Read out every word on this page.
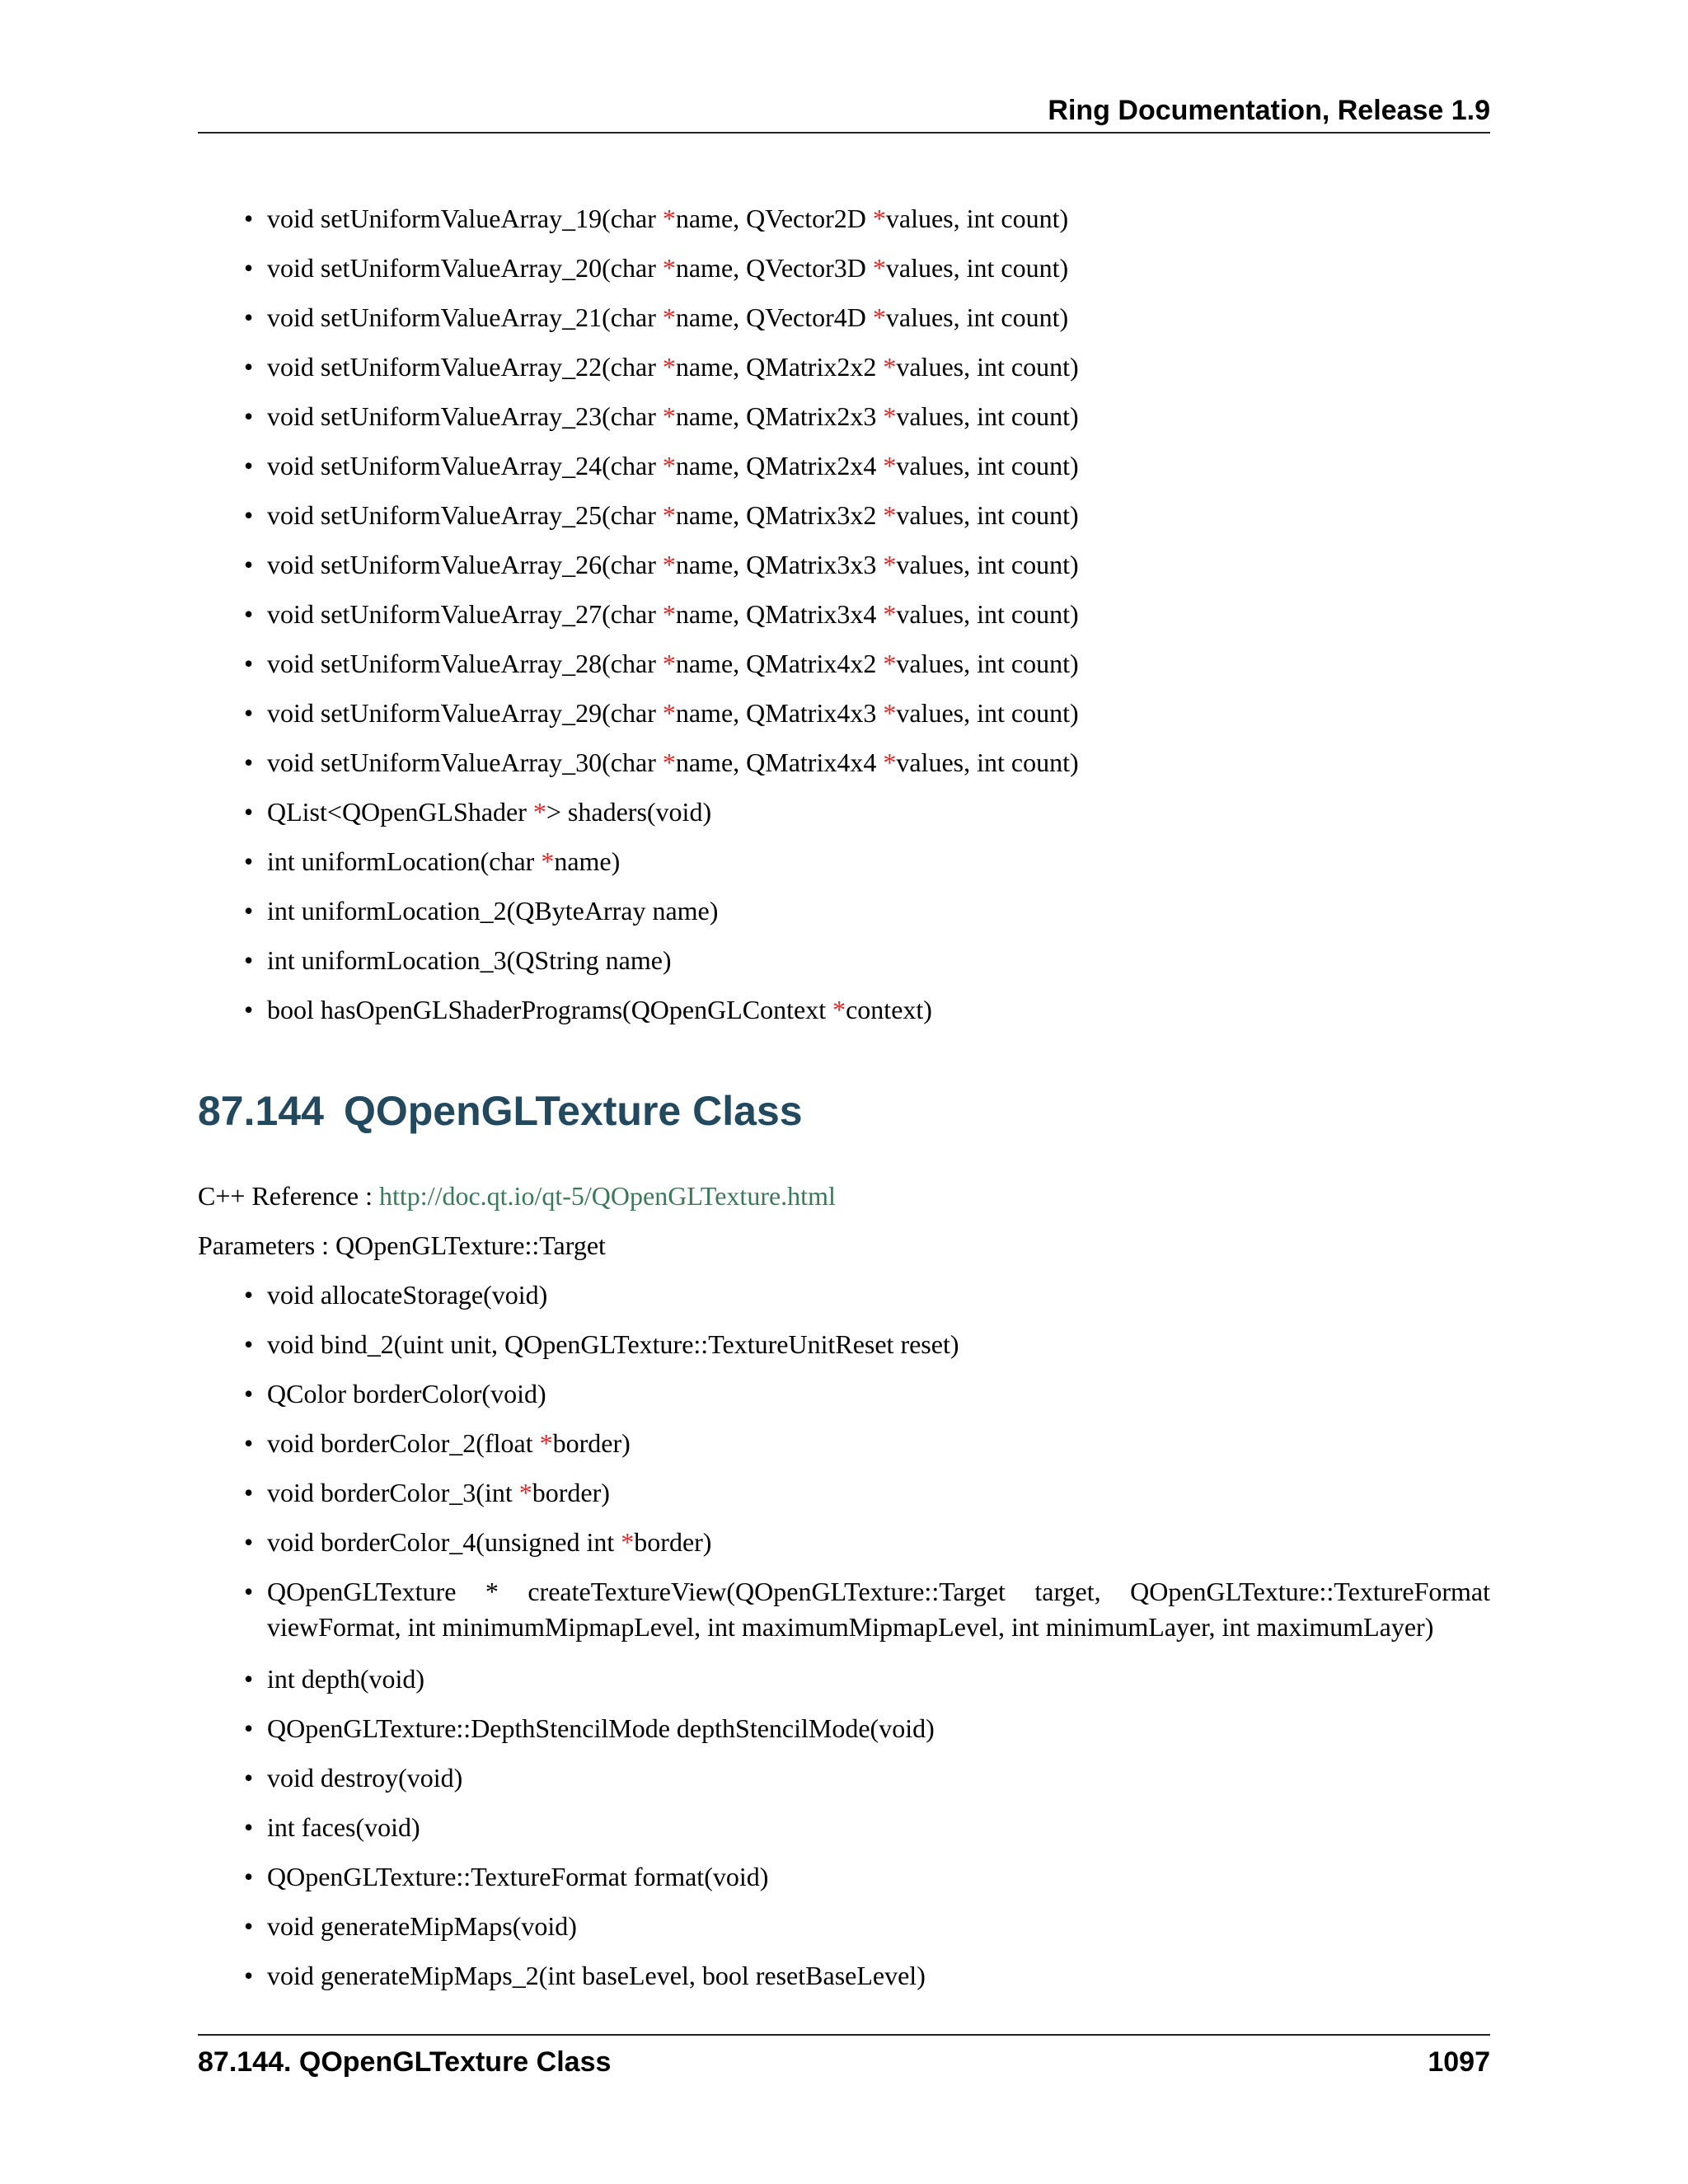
Ring Documentation, Release 1.9
• void setUniformValueArray_19(char *name, QVector2D *values, int count)
• void setUniformValueArray_20(char *name, QVector3D *values, int count)
• void setUniformValueArray_21(char *name, QVector4D *values, int count)
• void setUniformValueArray_22(char *name, QMatrix2x2 *values, int count)
• void setUniformValueArray_23(char *name, QMatrix2x3 *values, int count)
• void setUniformValueArray_24(char *name, QMatrix2x4 *values, int count)
• void setUniformValueArray_25(char *name, QMatrix3x2 *values, int count)
• void setUniformValueArray_26(char *name, QMatrix3x3 *values, int count)
• void setUniformValueArray_27(char *name, QMatrix3x4 *values, int count)
• void setUniformValueArray_28(char *name, QMatrix4x2 *values, int count)
• void setUniformValueArray_29(char *name, QMatrix4x3 *values, int count)
• void setUniformValueArray_30(char *name, QMatrix4x4 *values, int count)
• QList<QOpenGLShader *> shaders(void)
• int uniformLocation(char *name)
• int uniformLocation_2(QByteArray name)
• int uniformLocation_3(QString name)
• bool hasOpenGLShaderPrograms(QOpenGLContext *context)
87.144 QOpenGLTexture Class
C++ Reference : http://doc.qt.io/qt-5/QOpenGLTexture.html
Parameters : QOpenGLTexture::Target
• void allocateStorage(void)
• void bind_2(uint unit, QOpenGLTexture::TextureUnitReset reset)
• QColor borderColor(void)
• void borderColor_2(float *border)
• void borderColor_3(int *border)
• void borderColor_4(unsigned int *border)
• QOpenGLTexture * createTextureView(QOpenGLTexture::Target target, QOpenGLTexture::TextureFormat viewFormat, int minimumMipmapLevel, int maximumMipmapLevel, int minimumLayer, int maximumLayer)
• int depth(void)
• QOpenGLTexture::DepthStencilMode depthStencilMode(void)
• void destroy(void)
• int faces(void)
• QOpenGLTexture::TextureFormat format(void)
• void generateMipMaps(void)
• void generateMipMaps_2(int baseLevel, bool resetBaseLevel)
87.144. QOpenGLTexture Class	1097
